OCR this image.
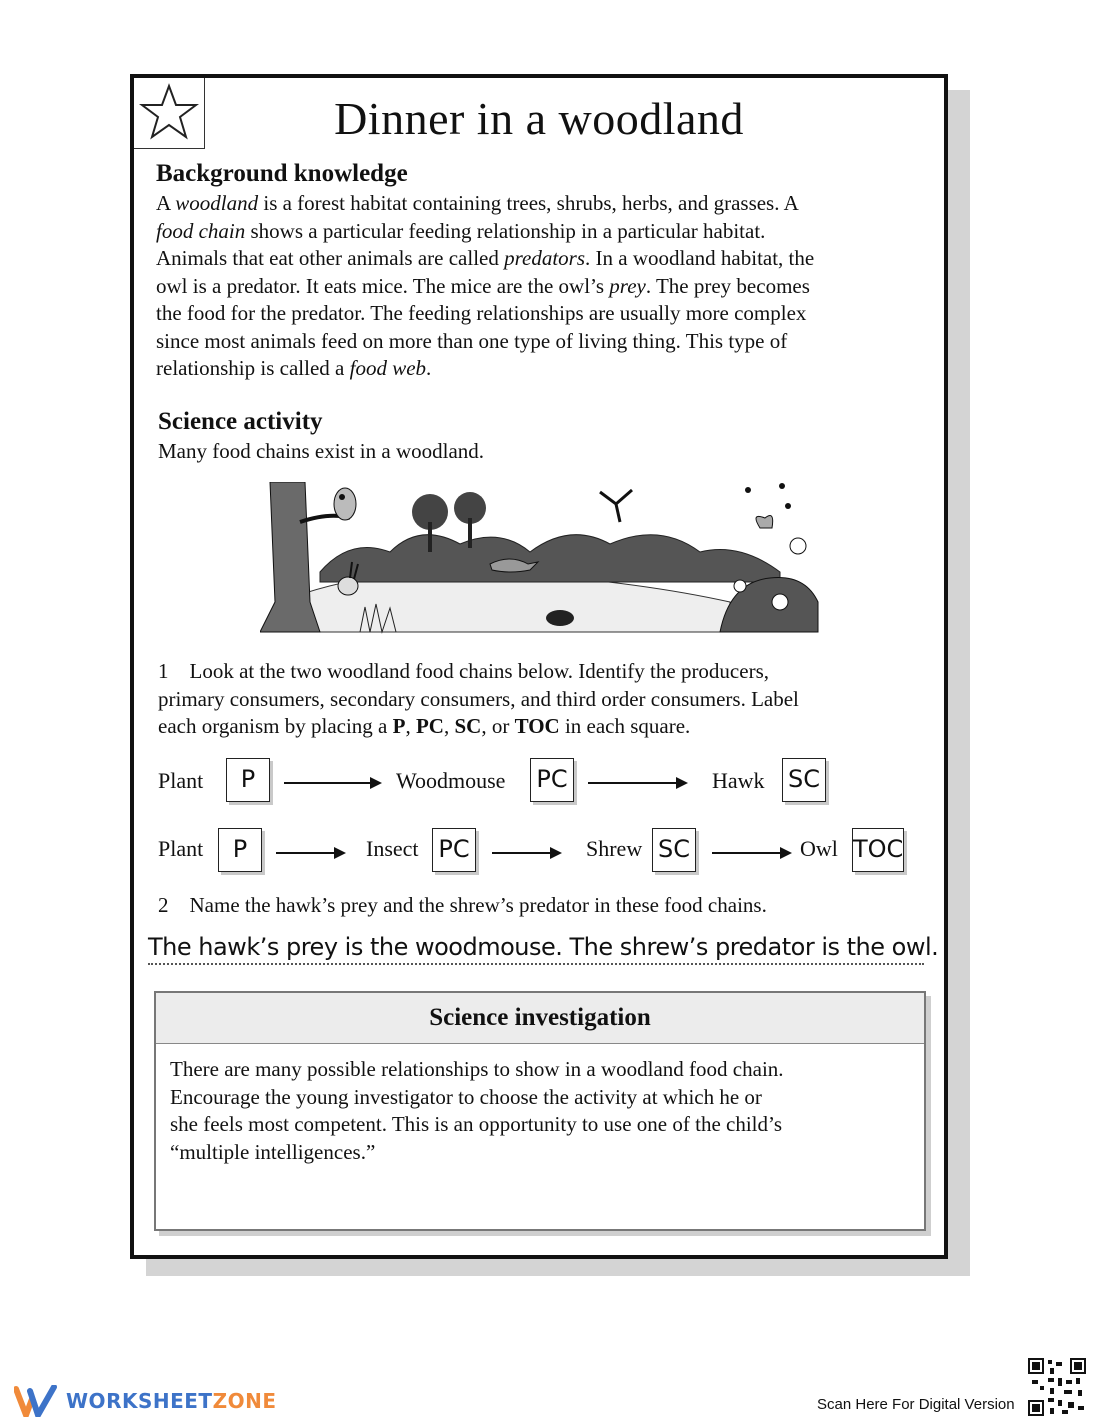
Dinner in a woodland
Background knowledge
A woodland is a forest habitat containing trees, shrubs, herbs, and grasses. A
food chain shows a particular feeding relationship in a particular habitat.
Animals that eat other animals are called predators. In a woodland habitat, the
owl is a predator. It eats mice. The mice are the owl’s prey. The prey becomes
the food for the predator. The feeding relationships are usually more complex
since most animals feed on more than one type of living thing. This type of
relationship is called a food web.
Science activity
Many food chains exist in a woodland.
1 Look at the two woodland food chains below. Identify the producers,
primary consumers, secondary consumers, and third order consumers. Label
each organism by placing a P, PC, SC, or TOC in each square.
Plant	P	Woodmouse PC	Hawk SC
Plant	P	Insect PC	Shrew SC	Owl TOC
2 Name the hawk’s prey and the shrew’s predator in these food chains.
The hawk’s prey is the woodmouse. The shrew’s predator is the owl.
Science investigation
There are many possible relationships to show in a woodland food chain.
Encourage the young investigator to choose the activity at which he or
she feels most competent. This is an opportunity to use one of the child’s
“multiple intelligences.”
WORKSHEETZONE	Scan Here For Digital Version
